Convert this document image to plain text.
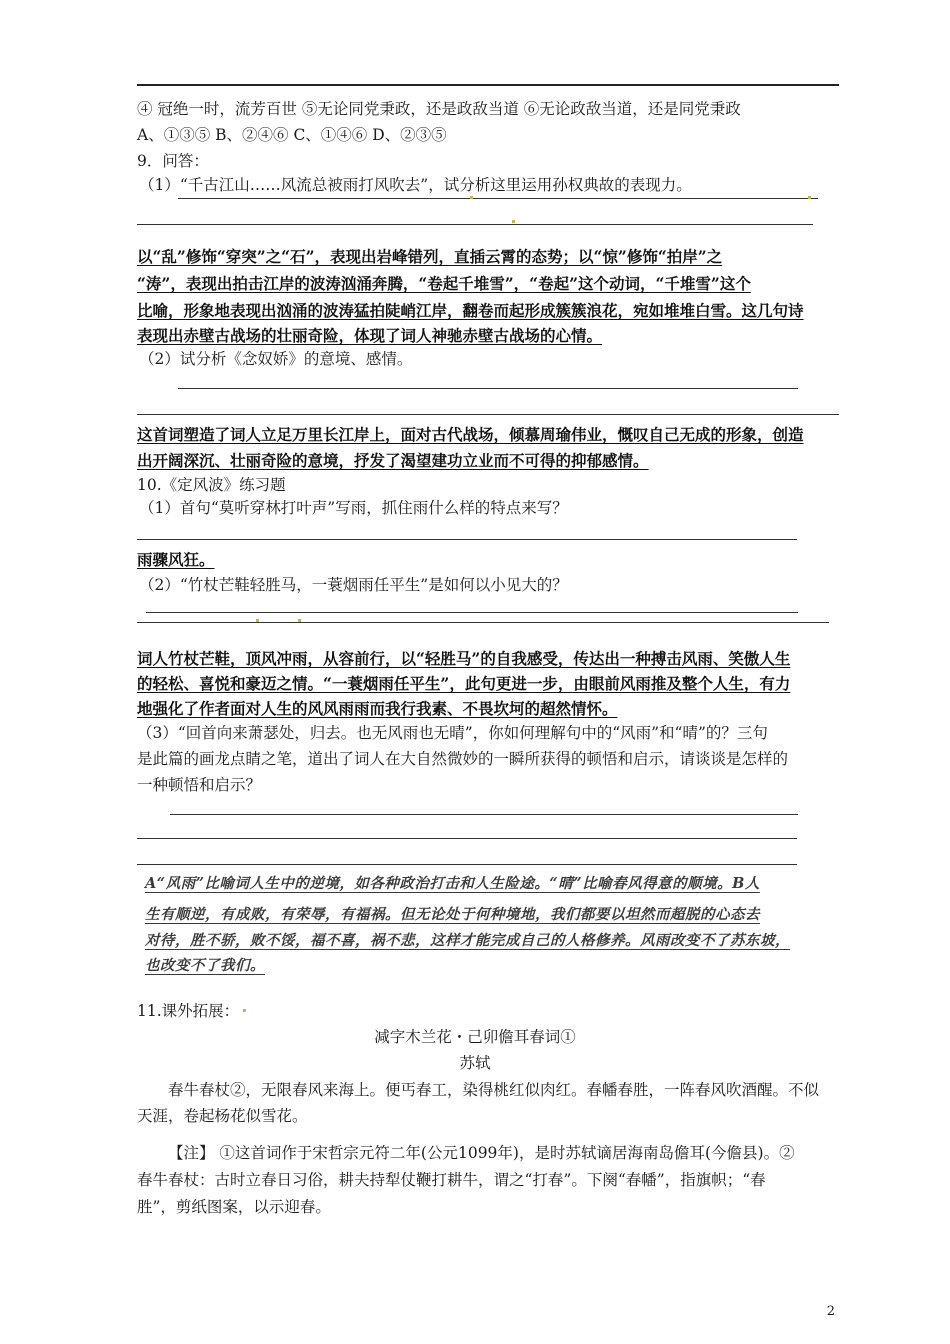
④ 冠绝一时，流芳百世 ⑤无论同党秉政，还是政敌当道 ⑥无论政敌当道，还是同党秉政
A、①③⑤ B、②④⑥ C、①④⑥ D、②③⑤
9．问答：
（1）“千古江山……风流总被雨打风吹去”，试分析这里运用孙权典故的表现力。
以“乱”修饰“穿突”之“石”，表现出岩峰错列，直插云霄的态势；以“惊”修饰“拍岸”之
“涛”，表现出拍击江岸的波涛汹涌奔腾，“卷起千堆雪”，“卷起”这个动词，“千堆雪”这个
比喻，形象地表现出汹涌的波涛猛拍陡峭江岸，翻卷而起形成簇簇浪花，宛如堆堆白雪。这几句诗
表现出赤壁古战场的壮丽奇险，体现了词人神驰赤壁古战场的心情。
（2）试分析《念奴娇》的意境、感情。
这首词塑造了词人立足万里长江岸上，面对古代战场，倾慕周瑜伟业，慨叹自己无成的形象，创造
出开阔深沉、壮丽奇险的意境，抒发了渴望建功立业而不可得的抑郁感情。
10.《定风波》练习题
（1）首句“莫听穿林打叶声”写雨，抓住雨什么样的特点来写？
雨骤风狂。
（2）“竹杖芒鞋轻胜马，一蓑烟雨任平生”是如何以小见大的？
词人竹杖芒鞋，顶风冲雨，从容前行，以“轻胜马”的自我感受，传达出一种搏击风雨、笑傲人生
的轻松、喜悦和豪迈之情。“一蓑烟雨任平生”，此句更进一步，由眼前风雨推及整个人生，有力
地强化了作者面对人生的风风雨雨而我行我素、不畏坎坷的超然情怀。
（3）“回首向来萧瑟处，归去。也无风雨也无晴”，你如何理解句中的“风雨”和“晴”的？三句
是此篇的画龙点睛之笔，道出了词人在大自然微妙的一瞬所获得的顿悟和启示，请谈谈是怎样的
一种顿悟和启示？
A“风雨”比喻词人生中的逆境，如各种政治打击和人生险途。“晴”比喻春风得意的顺境。B人
生有顺逆，有成败，有荣辱，有福祸。但无论处于何种境地，我们都要以坦然而超脱的心态去
对待，胜不骄，败不馁，福不喜，祸不悲，这样才能完成自己的人格修养。风雨改变不了苏东坡，
也改变不了我们。
11.课外拓展：
减字木兰花・己卯儋耳春词①
苏轼
春牛春杖②，无限春风来海上。便丐春工，染得桃红似肉红。春幡春胜，一阵春风吹酒醒。不似
天涯，卷起杨花似雪花。
【注】 ①这首词作于宋哲宗元符二年(公元1099年)，是时苏轼谪居海南岛儋耳(今儋县)。②
春牛春杖：古时立春日习俗，耕夫持犁仗鞭打耕牛，谓之“打春”。下阕“春幡”，指旗帜；“春
胜”，剪纸图案，以示迎春。
2
